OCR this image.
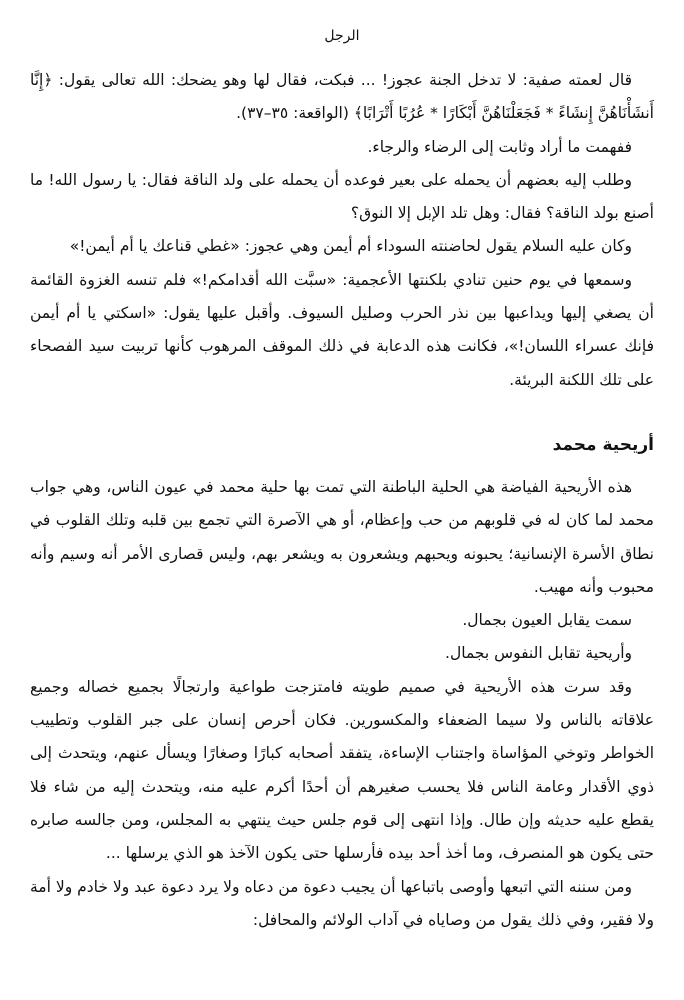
الرجل

قال لعمته صفية: لا تدخل الجنة عجوز! ... فبكت، فقال لها وهو يضحك: الله تعالى يقول: ﴿إِنَّا أَنشَأْنَاهُنَّ إِنشَاءً * فَجَعَلْنَاهُنَّ أَبْكَارًا * عُرُبًا أَتْرَابًا﴾ (الواقعة: ٣٥–٣٧).

ففهمت ما أراد وثابت إلى الرضاء والرجاء.

وطلب إليه بعضهم أن يحمله على بعير فوعده أن يحمله على ولد الناقة فقال: يا رسول الله! ما أصنع بولد الناقة؟ فقال: وهل تلد الإبل إلا النوق؟

وكان عليه السلام يقول لحاضنته السوداء أم أيمن وهي عجوز: «غطي قناعك يا أم أيمن!»

وسمعها في يوم حنين تنادي بلكنتها الأعجمية: «سبَّت الله أقدامكم!» فلم تنسه الغزوة القائمة أن يصغي إليها ويداعبها بين نذر الحرب وصليل السيوف. وأقبل عليها يقول: «اسكتي يا أم أيمن فإنك عسراء اللسان!»، فكانت هذه الدعابة في ذلك الموقف المرهوب كأنها تربيت سيد الفصحاء على تلك اللكنة البريئة.

أريحية محمد

هذه الأريحية الفياضة هي الحلية الباطنة التي تمت بها حلية محمد في عيون الناس، وهي جواب محمد لما كان له في قلوبهم من حب وإعظام، أو هي الآصرة التي تجمع بين قلبه وتلك القلوب في نطاق الأسرة الإنسانية؛ يحبونه ويحبهم ويشعرون به ويشعر بهم، وليس قصارى الأمر أنه وسيم وأنه محبوب وأنه مهيب.

سمت يقابل العيون بجمال.

وأريحية تقابل النفوس بجمال.

وقد سرت هذه الأريحية في صميم طويته فامتزجت طواعية وارتجالًا بجميع خصاله وجميع علاقاته بالناس ولا سيما الضعفاء والمكسورين. فكان أحرص إنسان على جبر القلوب وتطييب الخواطر وتوخي المؤاساة واجتناب الإساءة، يتفقد أصحابه كبارًا وصغارًا ويسأل عنهم، ويتحدث إلى ذوي الأقدار وعامة الناس فلا يحسب صغيرهم أن أحدًا أكرم عليه منه، ويتحدث إليه من شاء فلا يقطع عليه حديثه وإن طال. وإذا انتهى إلى قوم جلس حيث ينتهي به المجلس، ومن جالسه صابره حتى يكون هو المنصرف، وما أخذ أحد بيده فأرسلها حتى يكون الآخذ هو الذي يرسلها ...

ومن سننه التي اتبعها وأوصى باتباعها أن يجيب دعوة من دعاه ولا يرد دعوة عبد ولا خادم ولا أمة ولا فقير، وفي ذلك يقول من وصاياه في آداب الولائم والمحافل:
